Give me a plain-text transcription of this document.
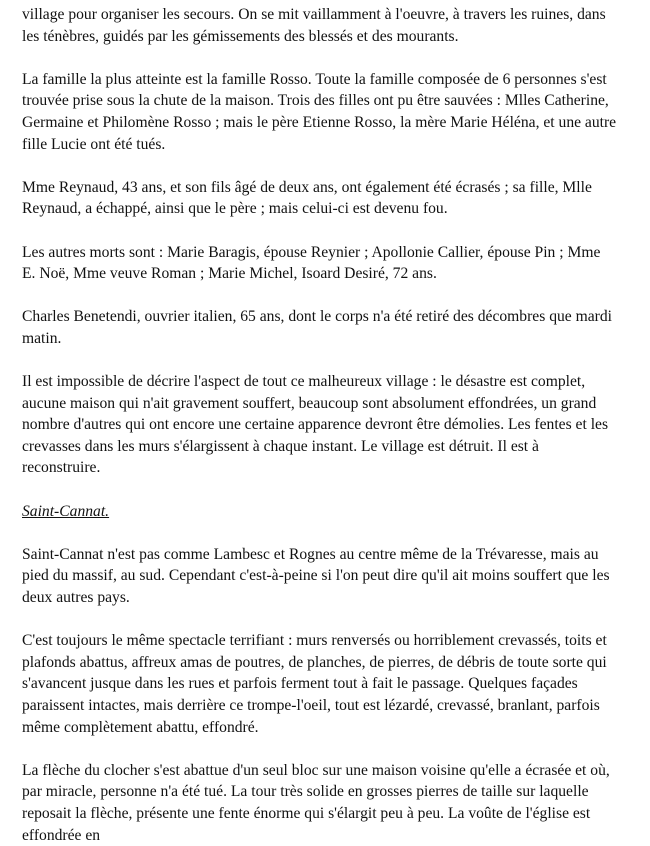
village pour organiser les secours. On se mit vaillamment à l'oeuvre, à travers les ruines, dans
les ténèbres, guidés par les gémissements des blessés et des mourants.

La famille la plus atteinte est la famille Rosso. Toute la famille composée de 6 personnes s'est
trouvée prise sous la chute de la maison. Trois des filles ont pu être sauvées : Mlles Catherine,
Germaine et Philomène Rosso ; mais le père Etienne Rosso, la mère Marie Héléna, et une autre
fille Lucie ont été tués.

Mme Reynaud, 43 ans, et son fils âgé de deux ans, ont également été écrasés ; sa fille, Mlle
Reynaud, a échappé, ainsi que le père ; mais celui-ci est devenu fou.

Les autres morts sont : Marie Baragis, épouse Reynier ; Apollonie Callier, épouse Pin ; Mme
E. Noë, Mme veuve Roman ; Marie Michel, Isoard Desiré, 72 ans.

Charles Benetendi, ouvrier italien, 65 ans, dont le corps n'a été retiré des décombres que mardi
matin.

Il est impossible de décrire l'aspect de tout ce malheureux village : le désastre est complet,
aucune maison qui n'ait gravement souffert, beaucoup sont absolument effondrées, un grand
nombre d'autres qui ont encore une certaine apparence devront être démolies. Les fentes et les
crevasses dans les murs s'élargissent à chaque instant. Le village est détruit. Il est à
reconstruire.

Saint-Cannat.

Saint-Cannat n'est pas comme Lambesc et Rognes au centre même de la Trévaresse, mais au
pied du massif, au sud. Cependant c'est-à-peine si l'on peut dire qu'il ait moins souffert que les
deux autres pays.

C'est toujours le même spectacle terrifiant : murs renversés ou horriblement crevassés, toits et
plafonds abattus, affreux amas de poutres, de planches, de pierres, de débris de toute sorte qui
s'avancent jusque dans les rues et parfois ferment tout à fait le passage. Quelques façades
paraissent intactes, mais derrière ce trompe-l'oeil, tout est lézardé, crevassé, branlant, parfois
même complètement abattu, effondré.

La flèche du clocher s'est abattue d'un seul bloc sur une maison voisine qu'elle a écrasée et où,
par miracle, personne n'a été tué. La tour très solide en grosses pierres de taille sur laquelle
reposait la flèche, présente une fente énorme qui s'élargit peu à peu. La voûte de l'église est
effondrée en
